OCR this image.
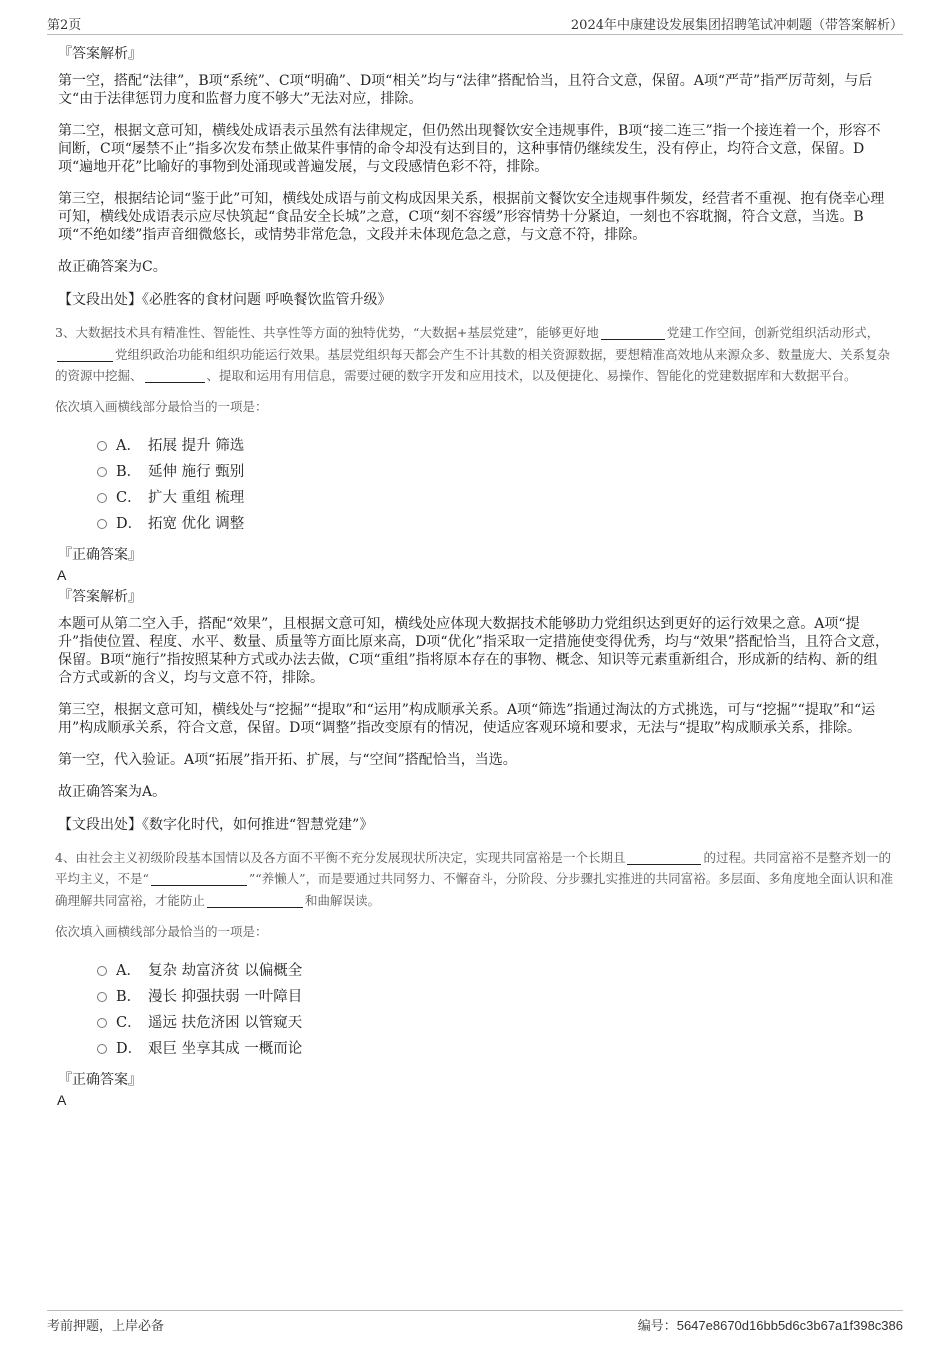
第2页	2024年中康建设发展集团招聘笔试冲刺题（带答案解析）
『答案解析』
第一空，搭配“法律”，B项“系统”、C项“明确”、D项“相关”均与“法律”搭配恰当，且符合文意，保留。A项“严苛”指严厉苛刻，与后文“由于法律惩罚力度和监督力度不够大”无法对应，排除。
第二空，根据文意可知，横线处成语表示虽然有法律规定，但仍然出现餐饮安全违规事件，B项“接二连三”指一个接连着一个，形容不间断，C项“屡禁不止”指多次发布禁止做某件事情的命令却没有达到目的，这种事情仍继续发生，没有停止，均符合文意，保留。D项“遍地开花”比喻好的事物到处涌现或普遍发展，与文段感情色彩不符，排除。
第三空，根据结论词“鉴于此”可知，横线处成语与前文构成因果关系，根据前文餐饮安全违规事件频发，经营者不重视、抱有侥幸心理可知，横线处成语表示应尽快筑起“食品安全长城”之意，C项“刻不容缓”形容情势十分紧迫，一刻也不容耽搁，符合文意，当选。B项“不绝如缕”指声音细微悠长，或情势非常危急，文段并未体现危急之意，与文意不符，排除。
故正确答案为C。
【文段出处】《必胜客的食材问题 呼唤餐饮监管升级》
3、大数据技术具有精准性、智能性、共享性等方面的独特优势，“大数据+基层党建”，能够更好地	党建工作空间，创新党组织活动形式，党组织政治功能和组织功能运行效果。基层党组织每天都会产生不计其数的相关资源数据，要想精准高效地从来源众多、数量庞大、关系复杂的资源中挖掘、	、提取和运用有用信息，需要过硬的数字开发和应用技术，以及便捷化、易操作、智能化的党建数据库和大数据平台。
依次填入画横线部分最恰当的一项是：
A． 拓展 提升 筛选
B． 延伸 施行 甄别
C． 扩大 重组 梳理
D． 拓宽 优化 调整
『正确答案』
A
『答案解析』
本题可从第二空入手，搭配“效果”，且根据文意可知，横线处应体现大数据技术能够助力党组织达到更好的运行效果之意。A项“提升”指使位置、程度、水平、数量、质量等方面比原来高，D项“优化”指采取一定措施使变得优秀，均与“效果”搭配恰当，且符合文意，保留。B项“施行”指按照某种方式或办法去做，C项“重组”指将原本存在的事物、概念、知识等元素重新组合，形成新的结构、新的组合方式或新的含义，均与文意不符，排除。
第三空，根据文意可知，横线处与“挖掘”“提取”和“运用”构成顺承关系。A项“筛选”指通过淘汰的方式挑选，可与“挖掘”“提取”和“运用”构成顺承关系，符合文意，保留。D项“调整”指改变原有的情况，使适应客观环境和要求，无法与“提取”构成顺承关系，排除。
第一空，代入验证。A项“拓展”指开拓、扩展，与“空间”搭配恰当，当选。
故正确答案为A。
【文段出处】《数字化时代，如何推进“智慧党建”》
4、由社会主义初级阶段基本国情以及各方面不平衡不充分发展现状所决定，实现共同富裕是一个长期且	的过程。共同富裕不是整齐划一的平均主义，不是“	”“养懒人”，而是要通过共同努力、不懈奋斗，分阶段、分步骤扎实推进的共同富裕。多层面、多角度地全面认识和准确理解共同富裕，才能防止	和曲解误读。
依次填入画横线部分最恰当的一项是：
A． 复杂 劫富济贫 以偏概全
B． 漫长 抑强扶弱 一叶障目
C． 遥远 扶危济困 以管窥天
D． 艰巨 坐享其成 一概而论
『正确答案』
A
考前押题，上岸必备	编号：5647e8670d16bb5d6c3b67a1f398c386
